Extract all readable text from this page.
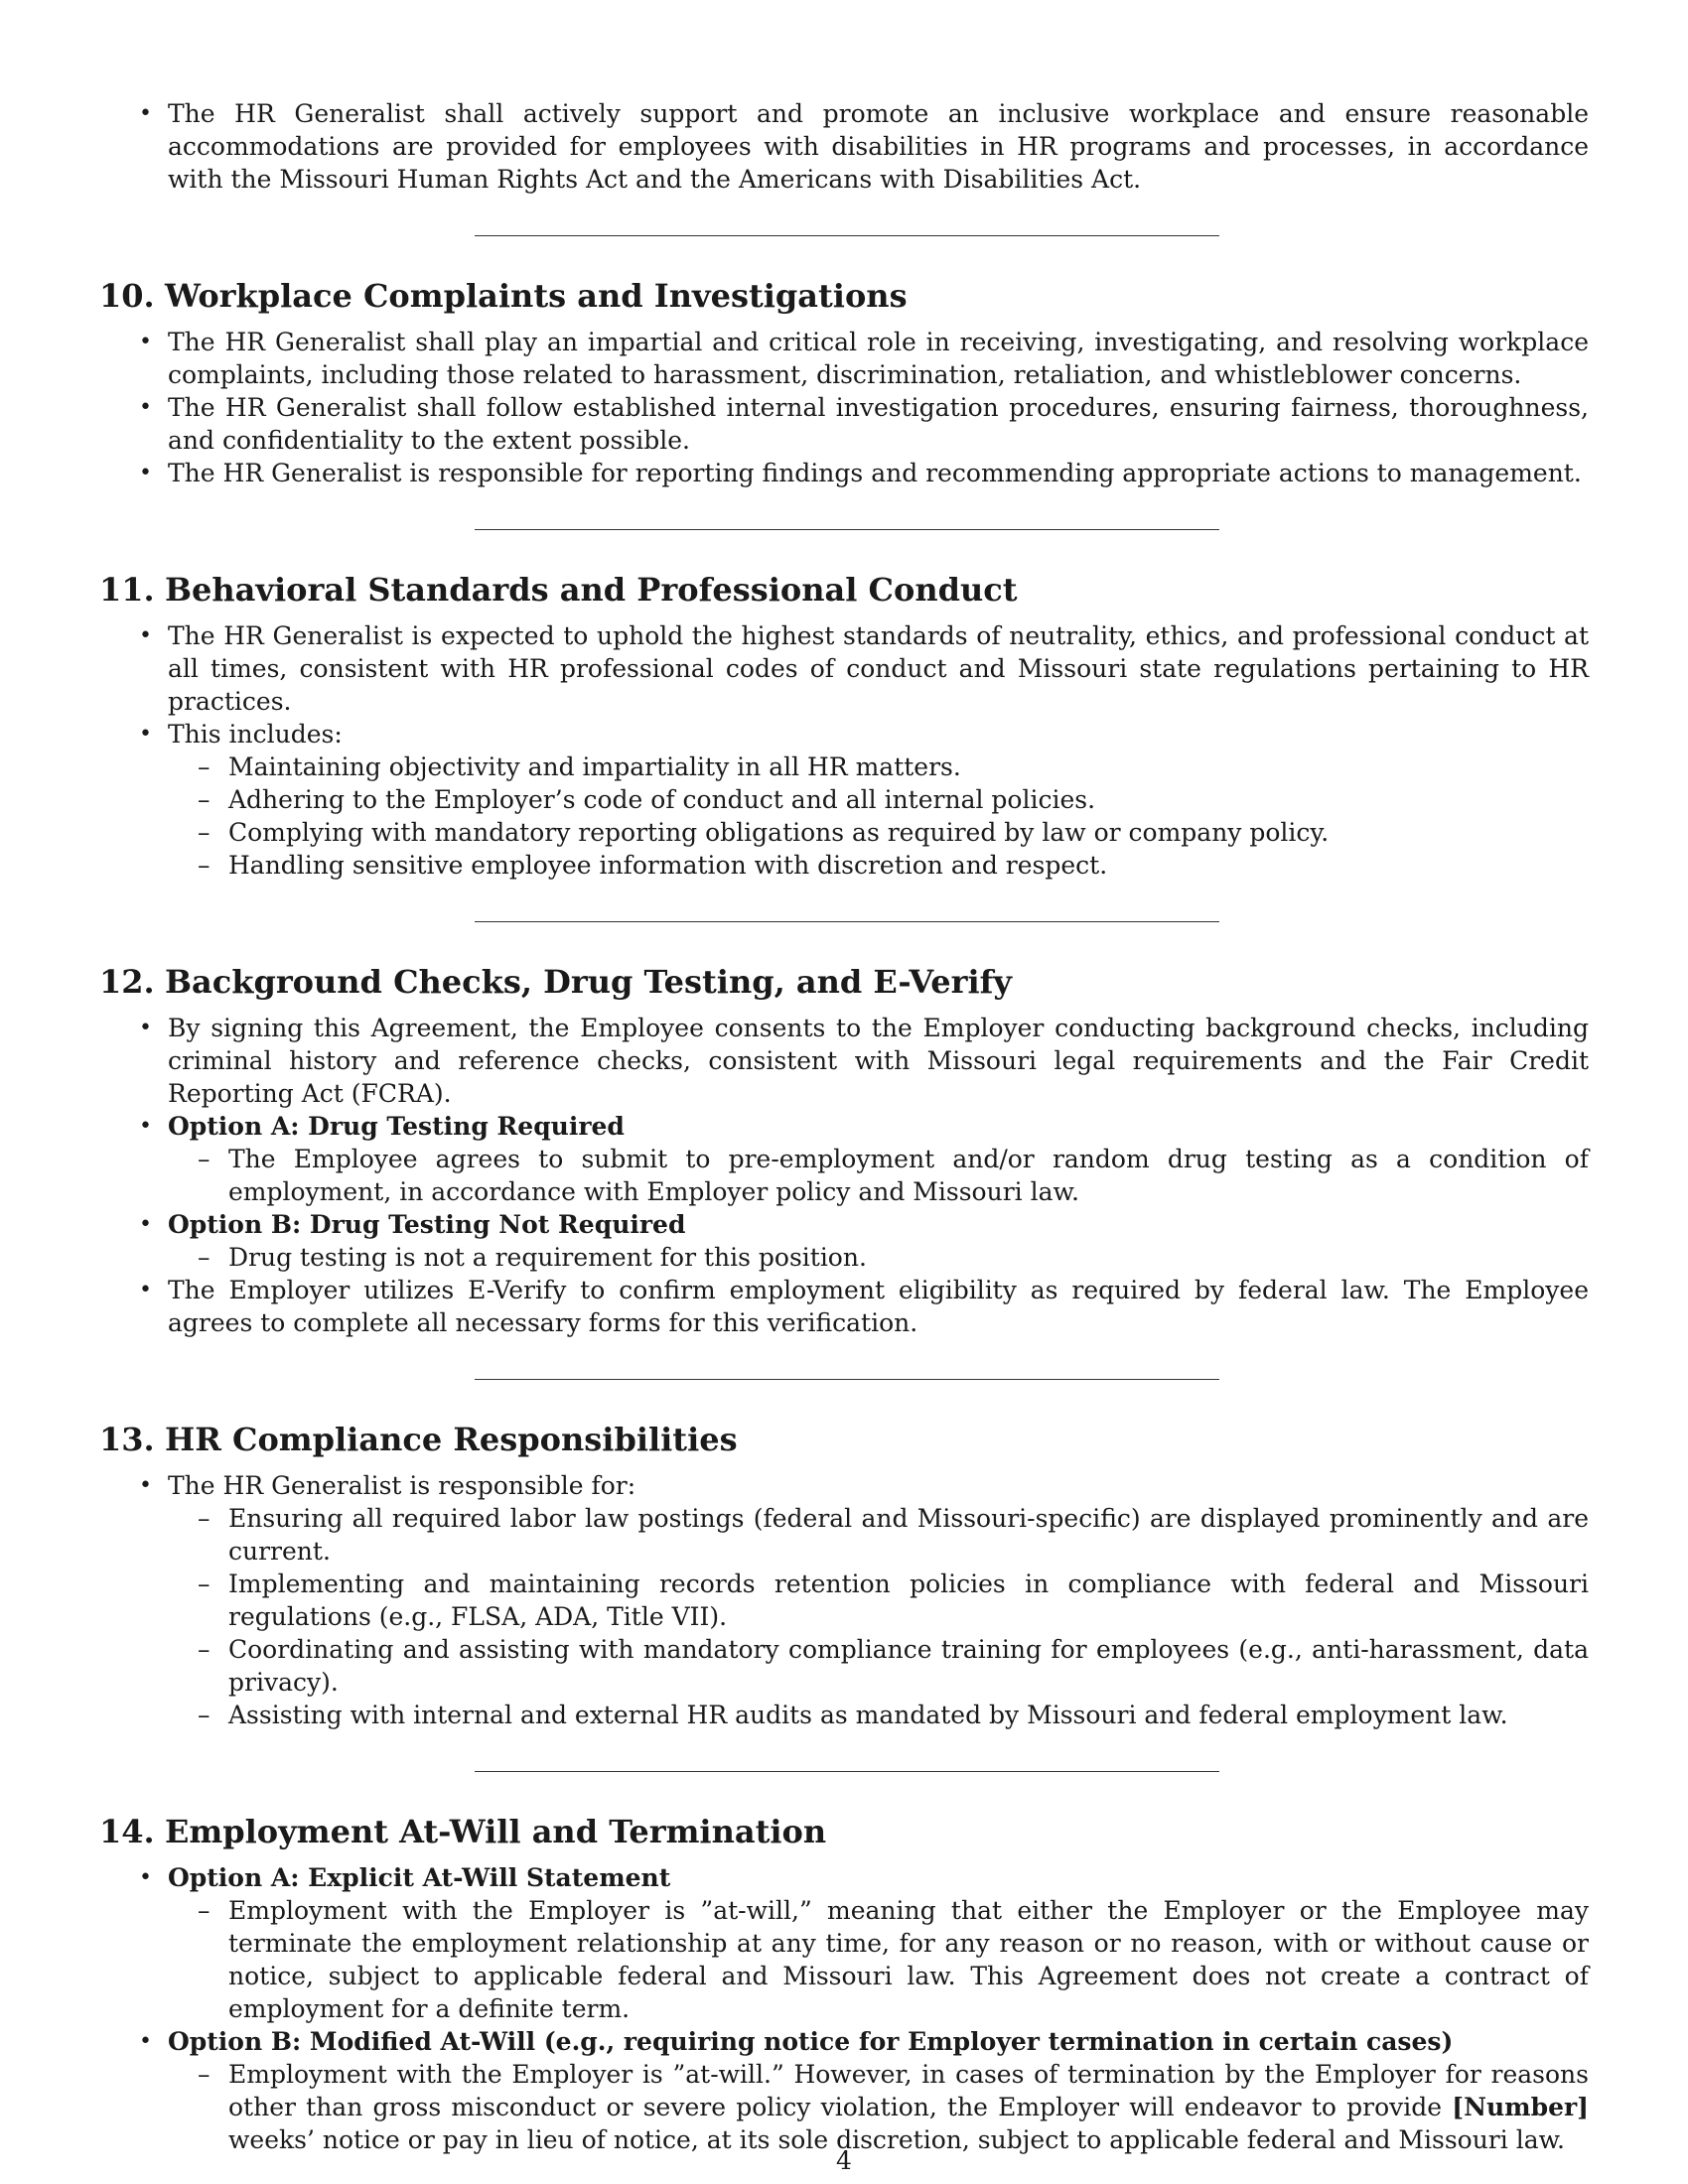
• The HR Generalist shall actively support and promote an inclusive workplace and ensure reasonable accommodations are provided for employees with disabilities in HR programs and processes, in accordance with the Missouri Human Rights Act and the Americans with Disabilities Act.
10. Workplace Complaints and Investigations
• The HR Generalist shall play an impartial and critical role in receiving, investigating, and resolving workplace complaints, including those related to harassment, discrimination, retaliation, and whistleblower concerns.
• The HR Generalist shall follow established internal investigation procedures, ensuring fairness, thoroughness, and confidentiality to the extent possible.
• The HR Generalist is responsible for reporting findings and recommending appropriate actions to management.
11. Behavioral Standards and Professional Conduct
• The HR Generalist is expected to uphold the highest standards of neutrality, ethics, and professional conduct at all times, consistent with HR professional codes of conduct and Missouri state regulations pertaining to HR practices.
• This includes:
– Maintaining objectivity and impartiality in all HR matters.
– Adhering to the Employer’s code of conduct and all internal policies.
– Complying with mandatory reporting obligations as required by law or company policy.
– Handling sensitive employee information with discretion and respect.
12. Background Checks, Drug Testing, and E-Verify
• By signing this Agreement, the Employee consents to the Employer conducting background checks, including criminal history and reference checks, consistent with Missouri legal requirements and the Fair Credit Reporting Act (FCRA).
• Option A: Drug Testing Required
– The Employee agrees to submit to pre-employment and/or random drug testing as a condition of employment, in accordance with Employer policy and Missouri law.
• Option B: Drug Testing Not Required
– Drug testing is not a requirement for this position.
• The Employer utilizes E-Verify to confirm employment eligibility as required by federal law. The Employee agrees to complete all necessary forms for this verification.
13. HR Compliance Responsibilities
• The HR Generalist is responsible for:
– Ensuring all required labor law postings (federal and Missouri-specific) are displayed prominently and are current.
– Implementing and maintaining records retention policies in compliance with federal and Missouri regulations (e.g., FLSA, ADA, Title VII).
– Coordinating and assisting with mandatory compliance training for employees (e.g., anti-harassment, data privacy).
– Assisting with internal and external HR audits as mandated by Missouri and federal employment law.
14. Employment At-Will and Termination
• Option A: Explicit At-Will Statement
– Employment with the Employer is ”at-will,” meaning that either the Employer or the Employee may terminate the employment relationship at any time, for any reason or no reason, with or without cause or notice, subject to applicable federal and Missouri law. This Agreement does not create a contract of employment for a definite term.
• Option B: Modified At-Will (e.g., requiring notice for Employer termination in certain cases)
– Employment with the Employer is ”at-will.” However, in cases of termination by the Employer for reasons other than gross misconduct or severe policy violation, the Employer will endeavor to provide [Number] weeks’ notice or pay in lieu of notice, at its sole discretion, subject to applicable federal and Missouri law.
4
